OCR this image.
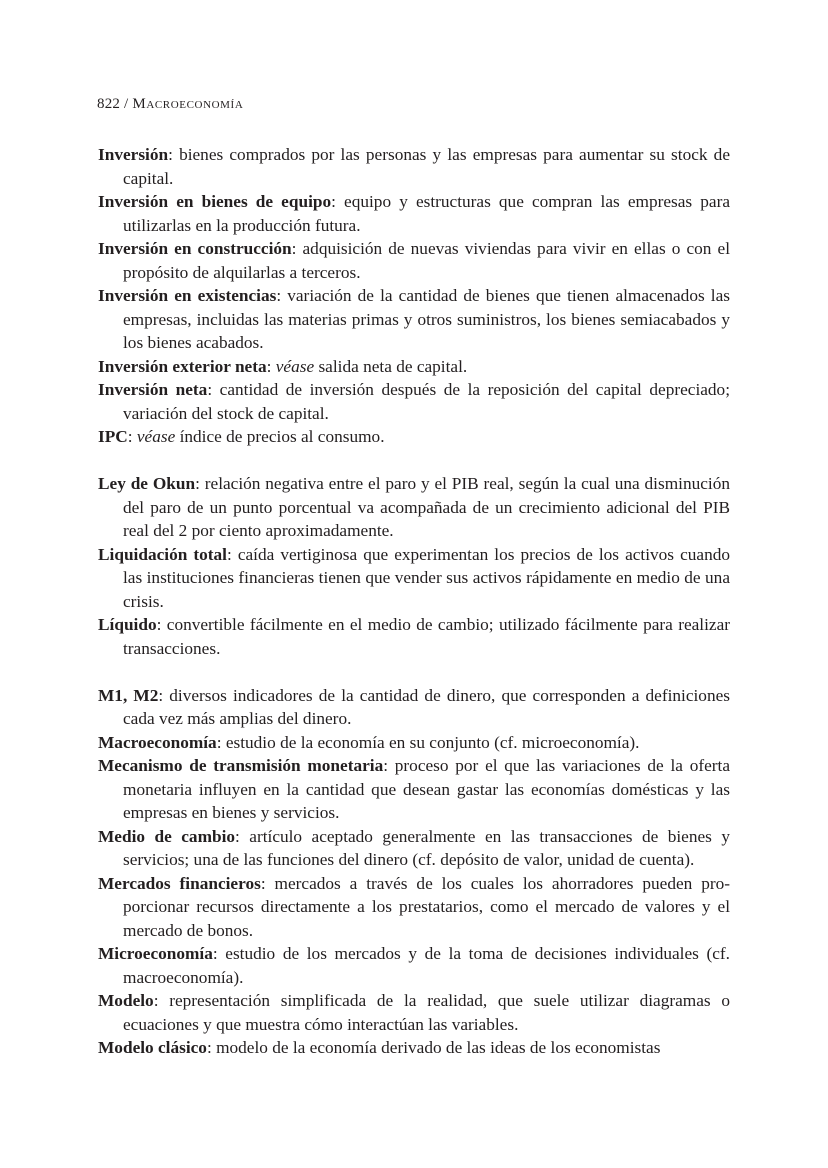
822 / Macroeconomía

Inversión: bienes comprados por las personas y las empresas para aumentar su stock de capital.

Inversión en bienes de equipo: equipo y estructuras que compran las empresas para utilizarlas en la producción futura.

Inversión en construcción: adquisición de nuevas viviendas para vivir en ellas o con el propósito de alquilarlas a terceros.

Inversión en existencias: variación de la cantidad de bienes que tienen almacenados las empresas, incluidas las materias primas y otros suministros, los bienes semiacabados y los bienes acabados.

Inversión exterior neta: véase salida neta de capital.

Inversión neta: cantidad de inversión después de la reposición del capital depreciado; variación del stock de capital.

IPC: véase índice de precios al consumo.

Ley de Okun: relación negativa entre el paro y el PIB real, según la cual una disminución del paro de un punto porcentual va acompañada de un crecimiento adicional del PIB real del 2 por ciento aproximadamente.

Liquidación total: caída vertiginosa que experimentan los precios de los activos cuando las instituciones financieras tienen que vender sus activos rápidamente en medio de una crisis.

Líquido: convertible fácilmente en el medio de cambio; utilizado fácilmente para realizar transacciones.

M1, M2: diversos indicadores de la cantidad de dinero, que corresponden a definiciones cada vez más amplias del dinero.

Macroeconomía: estudio de la economía en su conjunto (cf. microeconomía).

Mecanismo de transmisión monetaria: proceso por el que las variaciones de la oferta monetaria influyen en la cantidad que desean gastar las economías domésticas y las empresas en bienes y servicios.

Medio de cambio: artículo aceptado generalmente en las transacciones de bienes y servicios; una de las funciones del dinero (cf. depósito de valor, unidad de cuenta).

Mercados financieros: mercados a través de los cuales los ahorradores pueden proporcionar recursos directamente a los prestatarios, como el mercado de valores y el mercado de bonos.

Microeconomía: estudio de los mercados y de la toma de decisiones individuales (cf. macroeconomía).

Modelo: representación simplificada de la realidad, que suele utilizar diagramas o ecuaciones y que muestra cómo interactúan las variables.

Modelo clásico: modelo de la economía derivado de las ideas de los economistas
